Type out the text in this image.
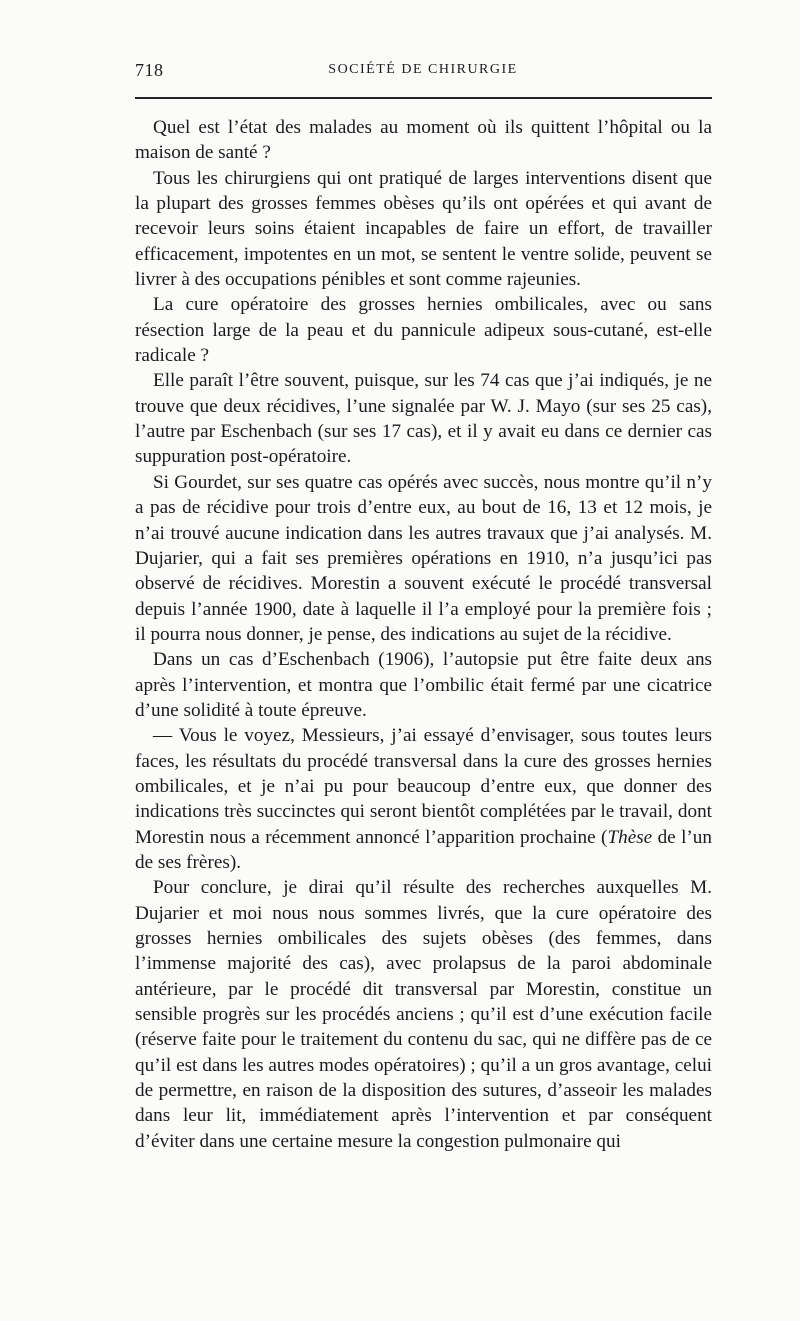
718	SOCIÉTÉ DE CHIRURGIE

Quel est l’état des malades au moment où ils quittent l’hôpital ou la maison de santé ?

Tous les chirurgiens qui ont pratiqué de larges interventions disent que la plupart des grosses femmes obèses qu’ils ont opérées et qui avant de recevoir leurs soins étaient incapables de faire un effort, de travailler efficacement, impotentes en un mot, se sentent le ventre solide, peuvent se livrer à des occupations pénibles et sont comme rajeunies.

La cure opératoire des grosses hernies ombilicales, avec ou sans résection large de la peau et du pannicule adipeux sous-cutané, est-elle radicale ?

Elle paraît l’être souvent, puisque, sur les 74 cas que j’ai indiqués, je ne trouve que deux récidives, l’une signalée par W. J. Mayo (sur ses 25 cas), l’autre par Eschenbach (sur ses 17 cas), et il y avait eu dans ce dernier cas suppuration post-opératoire.

Si Gourdet, sur ses quatre cas opérés avec succès, nous montre qu’il n’y a pas de récidive pour trois d’entre eux, au bout de 16, 13 et 12 mois, je n’ai trouvé aucune indication dans les autres travaux que j’ai analysés. M. Dujarier, qui a fait ses premières opérations en 1910, n’a jusqu’ici pas observé de récidives. Morestin a souvent exécuté le procédé transversal depuis l’année 1900, date à laquelle il l’a employé pour la première fois ; il pourra nous donner, je pense, des indications au sujet de la récidive.

Dans un cas d’Eschenbach (1906), l’autopsie put être faite deux ans après l’intervention, et montra que l’ombilic était fermé par une cicatrice d’une solidité à toute épreuve.

— Vous le voyez, Messieurs, j’ai essayé d’envisager, sous toutes leurs faces, les résultats du procédé transversal dans la cure des grosses hernies ombilicales, et je n’ai pu pour beaucoup d’entre eux, que donner des indications très succinctes qui seront bientôt complétées par le travail, dont Morestin nous a récemment annoncé l’apparition prochaine (Thèse de l’un de ses frères).

Pour conclure, je dirai qu’il résulte des recherches auxquelles M. Dujarier et moi nous nous sommes livrés, que la cure opératoire des grosses hernies ombilicales des sujets obèses (des femmes, dans l’immense majorité des cas), avec prolapsus de la paroi abdominale antérieure, par le procédé dit transversal par Morestin, constitue un sensible progrès sur les procédés anciens ; qu’il est d’une exécution facile (réserve faite pour le traitement du contenu du sac, qui ne diffère pas de ce qu’il est dans les autres modes opératoires) ; qu’il a un gros avantage, celui de permettre, en raison de la disposition des sutures, d’asseoir les malades dans leur lit, immédiatement après l’intervention et par conséquent d’éviter dans une certaine mesure la congestion pulmonaire qui
